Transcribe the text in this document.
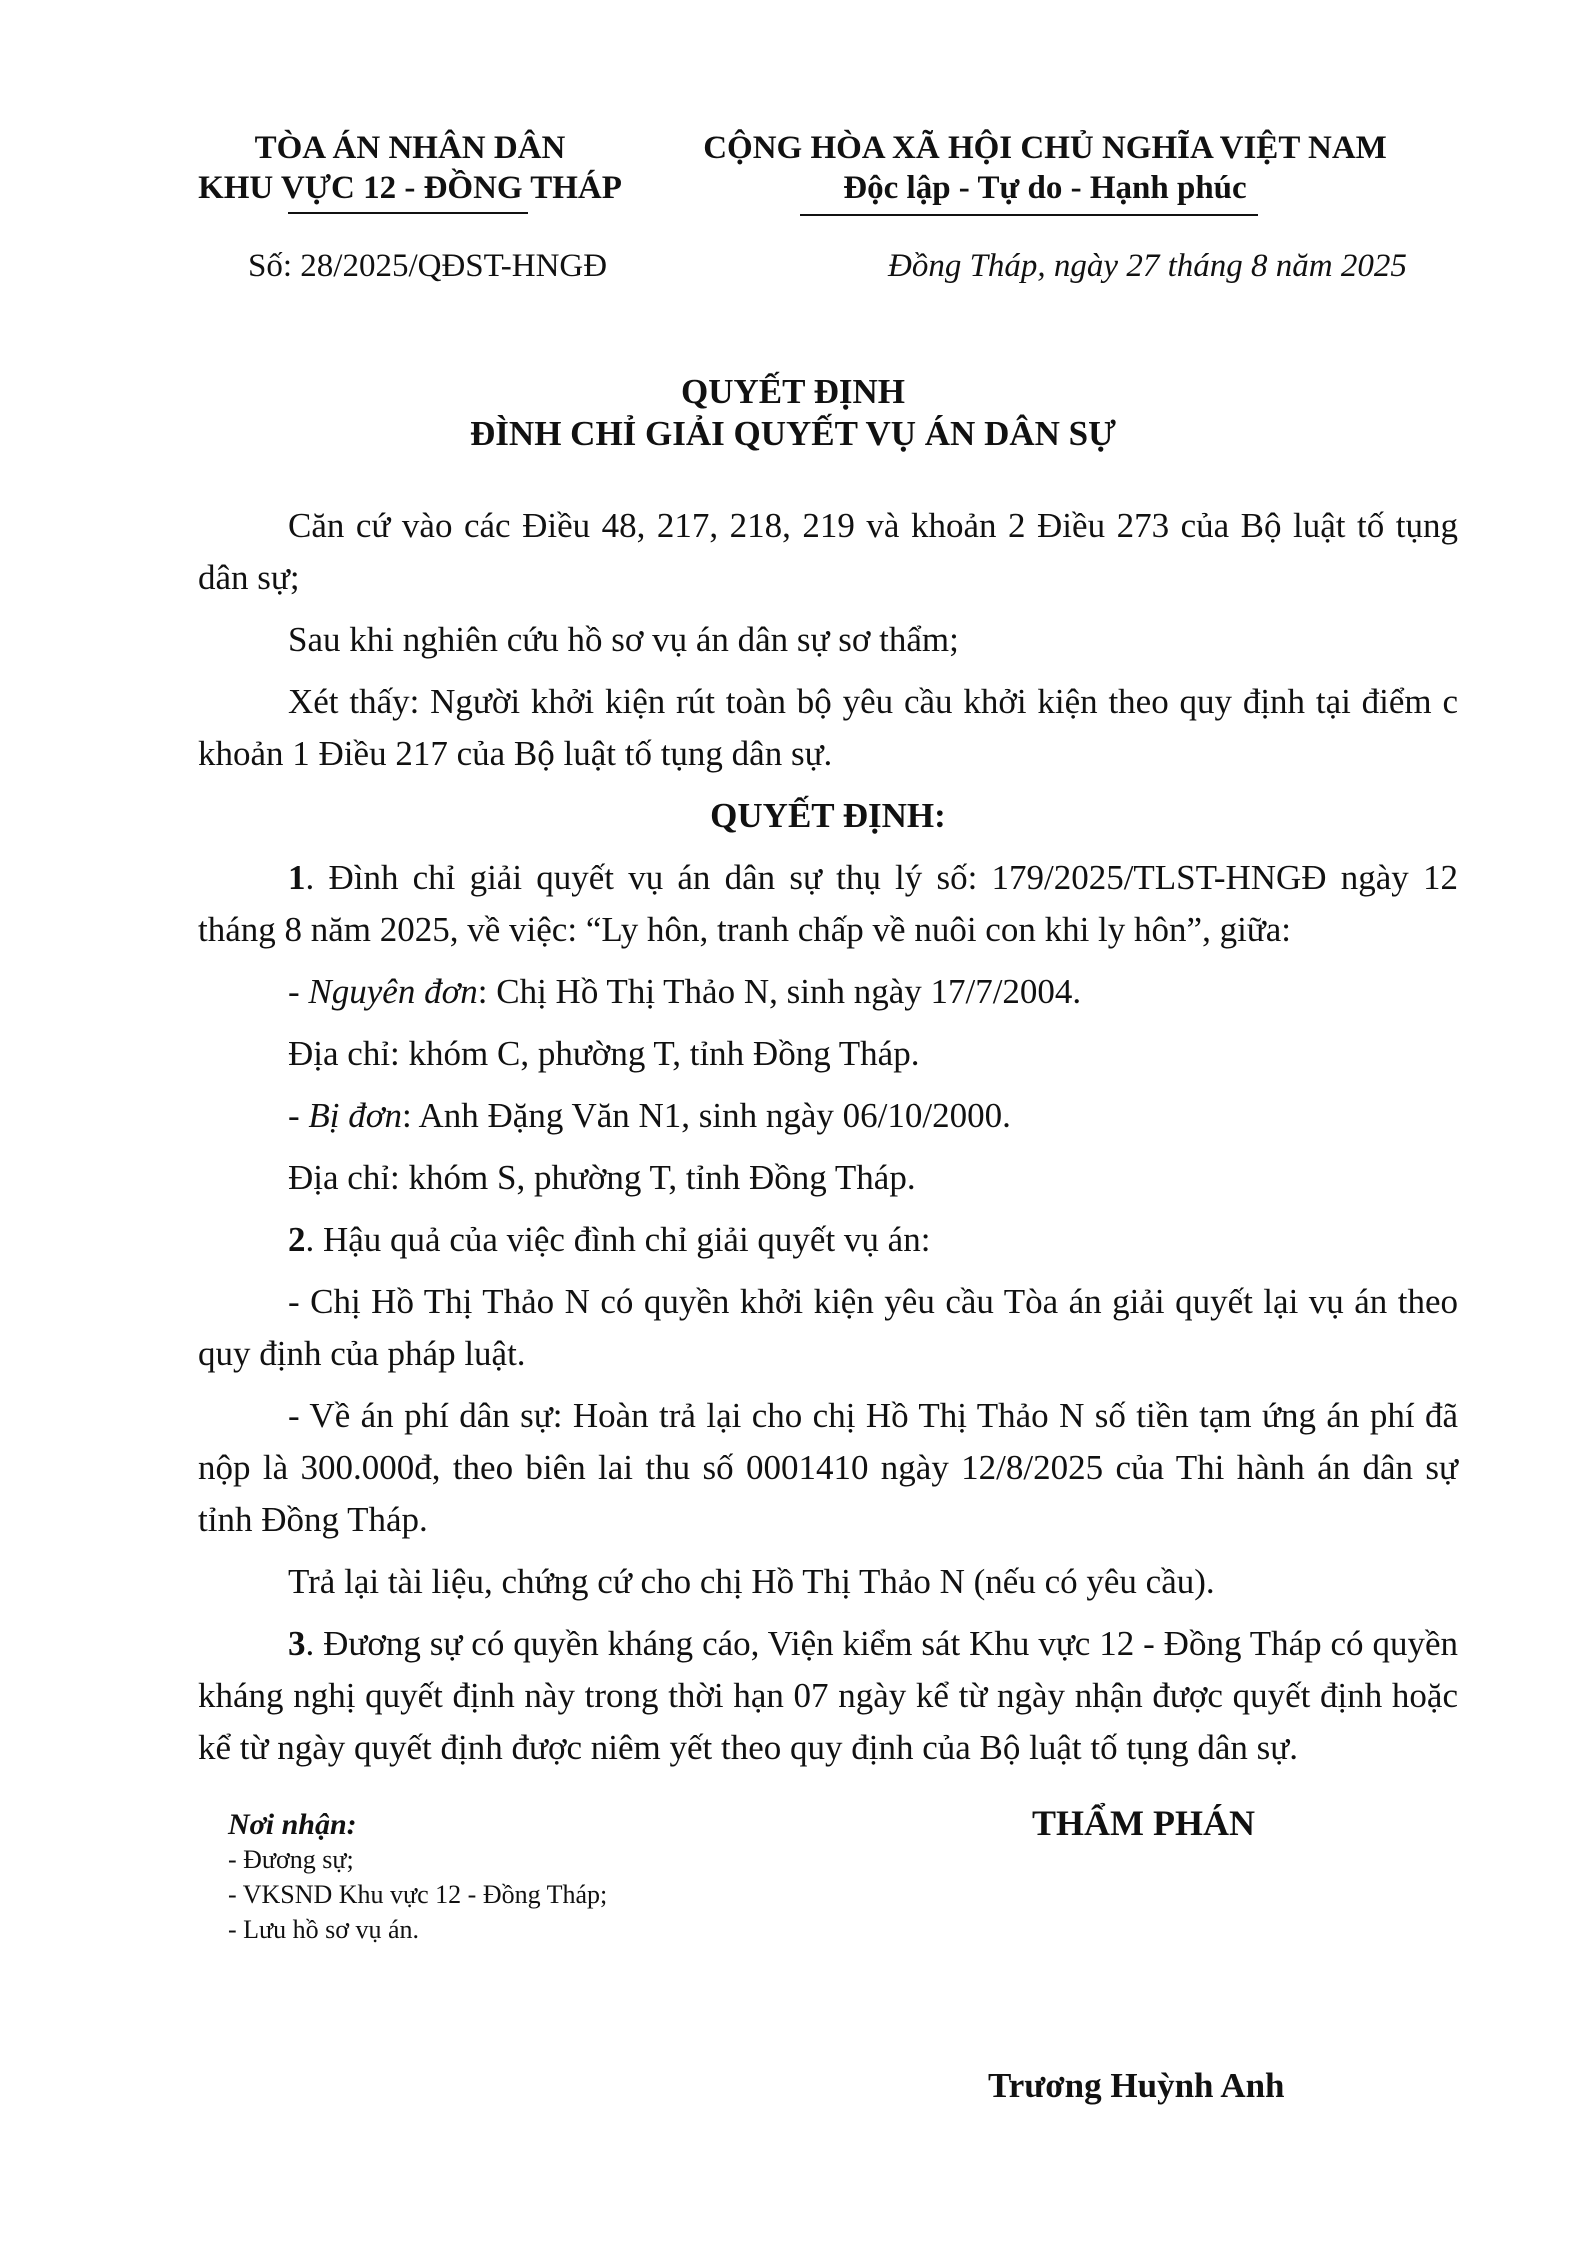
TÒA ÁN NHÂN DÂN
KHU VỰC 12 - ĐỒNG THÁP
CỘNG HÒA XÃ HỘI CHỦ NGHĨA VIỆT NAM
Độc lập - Tự do - Hạnh phúc
Số: 28/2025/QĐST-HNGĐ	Đồng Tháp, ngày 27 tháng 8 năm 2025
QUYẾT ĐỊNH
ĐÌNH CHỈ GIẢI QUYẾT VỤ ÁN DÂN SỰ

Căn cứ vào các Điều 48, 217, 218, 219 và khoản 2 Điều 273 của Bộ luật tố tụng dân sự;

Sau khi nghiên cứu hồ sơ vụ án dân sự sơ thẩm;

Xét thấy: Người khởi kiện rút toàn bộ yêu cầu khởi kiện theo quy định tại điểm c khoản 1 Điều 217 của Bộ luật tố tụng dân sự.

QUYẾT ĐỊNH:

1. Đình chỉ giải quyết vụ án dân sự thụ lý số: 179/2025/TLST-HNGĐ ngày 12 tháng 8 năm 2025, về việc: “Ly hôn, tranh chấp về nuôi con khi ly hôn”, giữa:

- Nguyên đơn: Chị Hồ Thị Thảo N, sinh ngày 17/7/2004.

Địa chỉ: khóm C, phường T, tỉnh Đồng Tháp.

- Bị đơn: Anh Đặng Văn N1, sinh ngày 06/10/2000.

Địa chỉ: khóm S, phường T, tỉnh Đồng Tháp.

2. Hậu quả của việc đình chỉ giải quyết vụ án:

- Chị Hồ Thị Thảo N có quyền khởi kiện yêu cầu Tòa án giải quyết lại vụ án theo quy định của pháp luật.

- Về án phí dân sự: Hoàn trả lại cho chị Hồ Thị Thảo N số tiền tạm ứng án phí đã nộp là 300.000đ, theo biên lai thu số 0001410 ngày 12/8/2025 của Thi hành án dân sự tỉnh Đồng Tháp.

Trả lại tài liệu, chứng cứ cho chị Hồ Thị Thảo N (nếu có yêu cầu).

3. Đương sự có quyền kháng cáo, Viện kiểm sát Khu vực 12 - Đồng Tháp có quyền kháng nghị quyết định này trong thời hạn 07 ngày kể từ ngày nhận được quyết định hoặc kể từ ngày quyết định được niêm yết theo quy định của Bộ luật tố tụng dân sự.

Nơi nhận:
- Đương sự;
- VKSND Khu vực 12 - Đồng Tháp;
- Lưu hồ sơ vụ án.
THẨM PHÁN
Trương Huỳnh Anh
